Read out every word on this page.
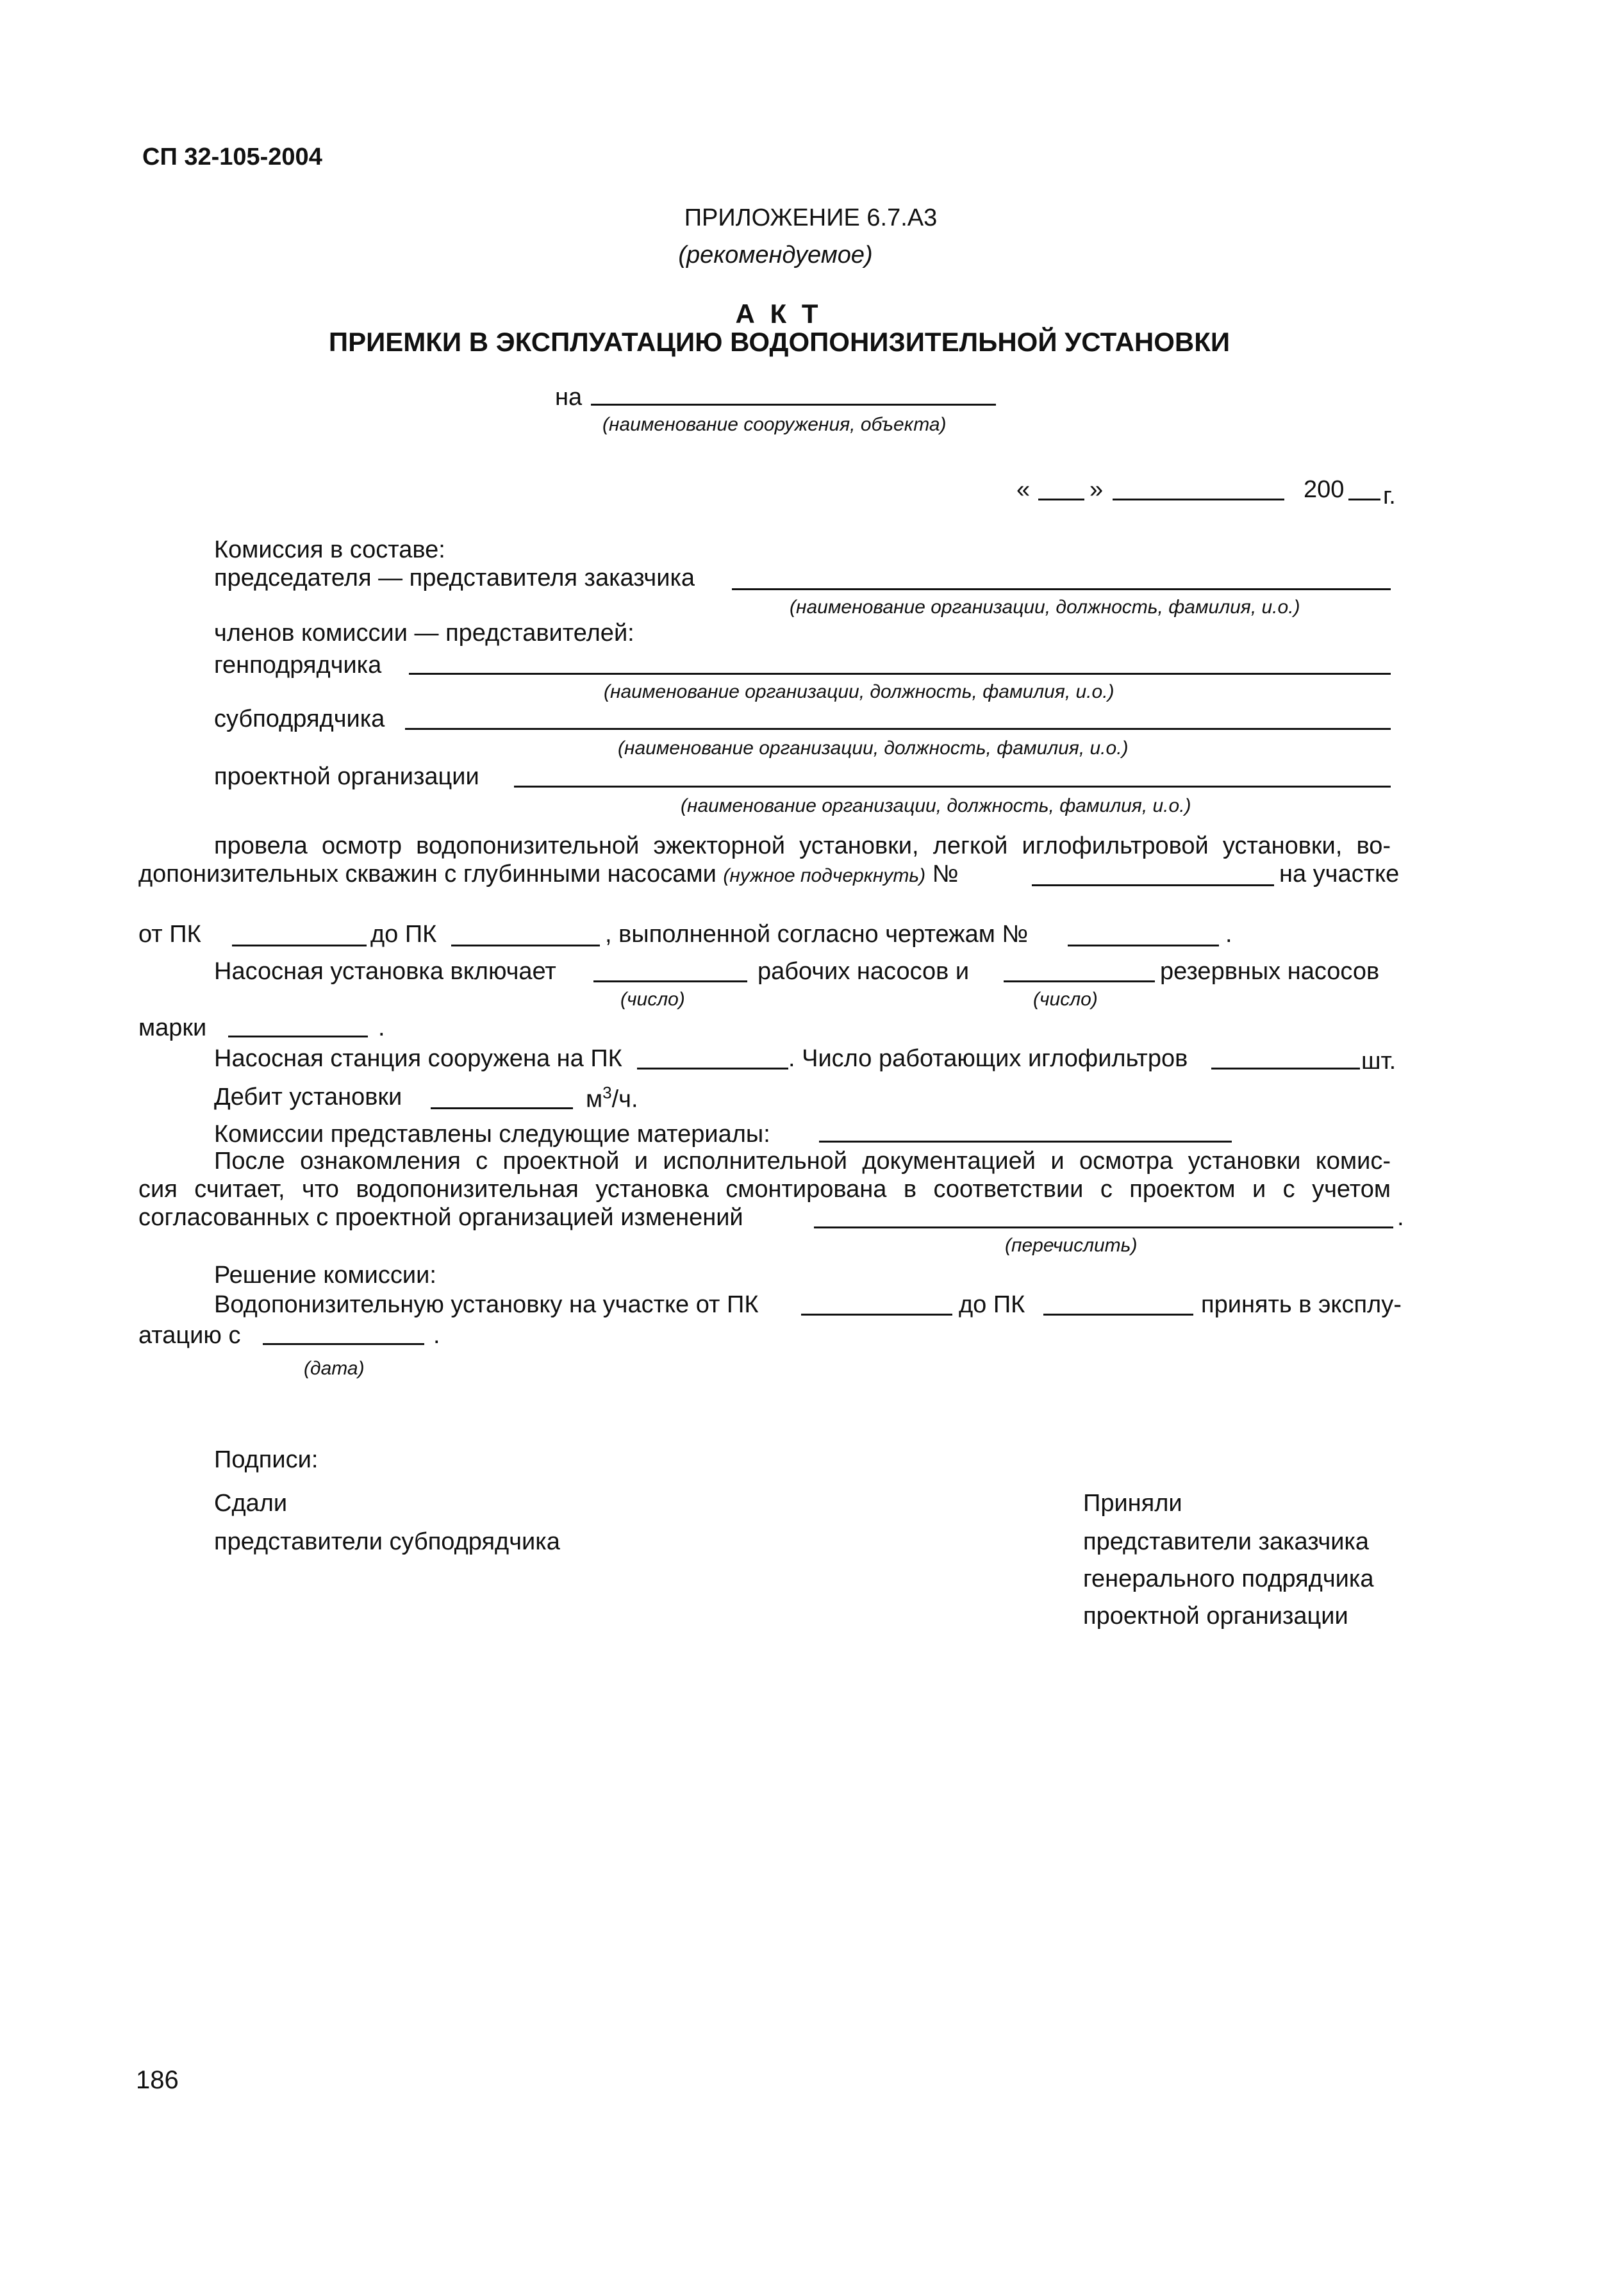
СП 32-105-2004
ПРИЛОЖЕНИЕ 6.7.А3
(рекомендуемое)
А К Т
ПРИЕМКИ В ЭКСПЛУАТАЦИЮ ВОДОПОНИЗИТЕЛЬНОЙ УСТАНОВКИ
на
(наименование сооружения, объекта)
« »	200 г.
Комиссия в составе:
председателя — представителя заказчика
(наименование организации, должность, фамилия, и.о.)
членов комиссии — представителей:
генподрядчика
(наименование организации, должность, фамилия, и.о.)
субподрядчика
(наименование организации, должность, фамилия, и.о.)
проектной организации
(наименование организации, должность, фамилия, и.о.)
провела осмотр водопонизительной эжекторной установки, легкой иглофильтровой установки, во-
допонизительных скважин с глубинными насосами (нужное подчеркнуть) №	на участке
от ПК	до ПК	, выполненной согласно чертежам №	.
Насосная установка включает	рабочих насосов и	резервных насосов
(число)	(число)
марки	.
Насосная станция сооружена на ПК	. Число работающих иглофильтров	шт.
Дебит установки	$м^3/ч$.
Комиссии представлены следующие материалы:
После ознакомления с проектной и исполнительной документацией и осмотра установки комис-
сия считает, что водопонизительная установка смонтирована в соответствии с проектом и с учетом
согласованных с проектной организацией изменений	.
(перечислить)
Решение комиссии:
Водопонизительную установку на участке от ПК	до ПК	принять в эксплу-
атацию с	.
(дата)
Подписи:
Сдали
представители субподрядчика
Приняли
представители заказчика
генерального подрядчика
проектной организации
186
